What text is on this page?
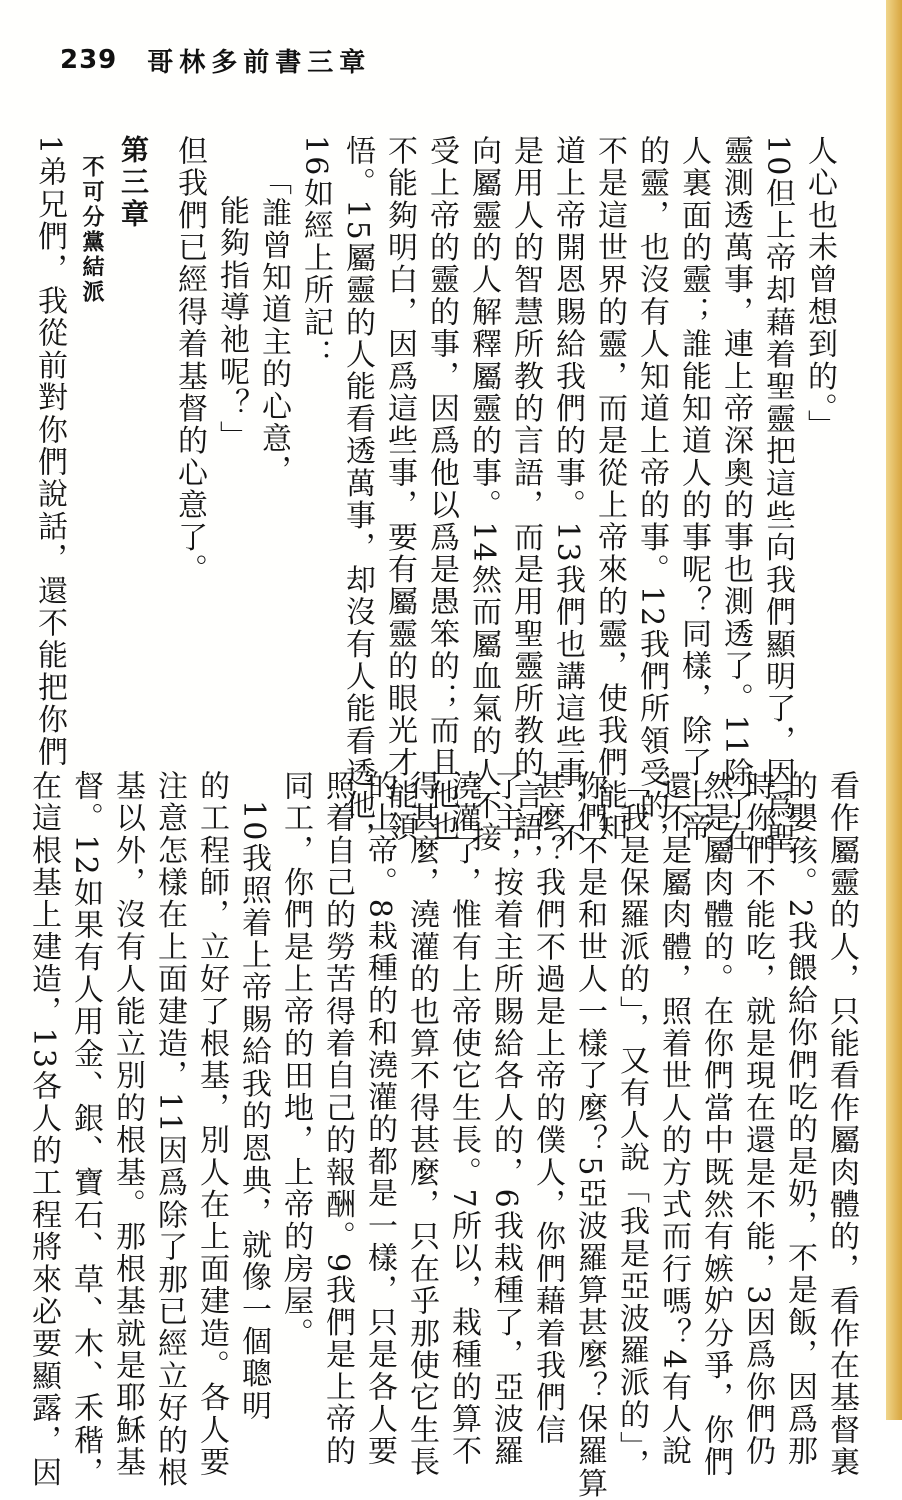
239 哥林多前書三章
人心也未曾想到的。」
10但上帝却藉着聖靈把這些向我們顯明了，因爲聖
靈測透萬事，連上帝深奧的事也測透了。11除了在
人裏面的靈；誰能知道人的事呢？同樣，除了上帝
的靈，也沒有人知道上帝的事。12我們所領受的，
不是這世界的靈，而是從上帝來的靈，使我們能知
道上帝開恩賜給我們的事。13我們也講這些事，不
是用人的智慧所教的言語，而是用聖靈所教的言語，
向屬靈的人解釋屬靈的事。14然而屬血氣的人不接
受上帝的靈的事，因爲他以爲是愚笨的；而且他也
不能夠明白，因爲這些事，要有屬靈的眼光才能領
悟。15屬靈的人能看透萬事，却沒有人能看透他，
16如經上所記：
「誰曾知道主的心意，
能夠指導祂呢？」
但我們已經得着基督的心意了。
第三章
不可分黨結派
1弟兄們，我從前對你們說話，還不能把你們
看作屬靈的人，只能看作屬肉體的，看作在基督裏
的嬰孩。2我餵給你們吃的是奶，不是飯，因爲那
時你們不能吃，就是現在還是不能，3因爲你們仍
然是屬肉體的。在你們當中既然有嫉妒分爭，你們
還不是屬肉體，照着世人的方式而行嗎？4有人說
「我是保羅派的」，又有人說「我是亞波羅派的」，
你們不是和世人一樣了麼？5亞波羅算甚麼？保羅算
甚麼？我們不過是上帝的僕人，你們藉着我們信
了主；按着主所賜給各人的，6我栽種了，亞波羅
澆灌了，惟有上帝使它生長。7所以，栽種的算不
得甚麼，澆灌的也算不得甚麼，只在乎那使它生長
的上帝。8栽種的和澆灌的都是一樣，只是各人要
照着自己的勞苦得着自己的報酬。9我們是上帝的
同工，你們是上帝的田地，上帝的房屋。
10我照着上帝賜給我的恩典，就像一個聰明
的工程師，立好了根基，別人在上面建造。各人要
注意怎樣在上面建造，11因爲除了那已經立好的根
基以外，沒有人能立別的根基。那根基就是耶穌基
督。12如果有人用金、銀、寶石、草、木、禾稭，
在這根基上建造，13各人的工程將來必要顯露，因
